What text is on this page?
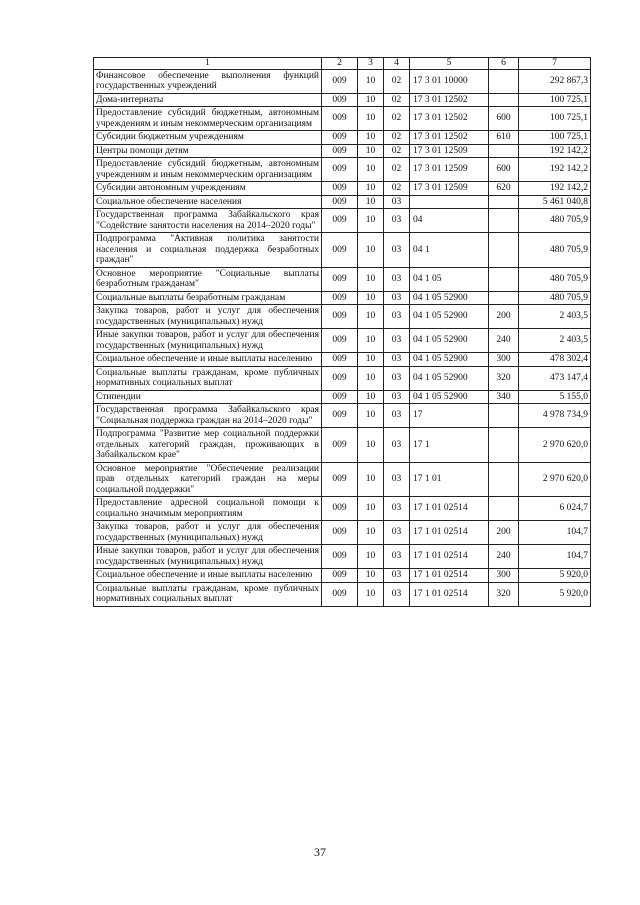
1	2	3	4	5	6	7
Финансовое обеспечение выполнения функций государственных учреждений	009	10	02	17 3 01 10000		292 867,3
Дома-интернаты	009	10	02	17 3 01 12502		100 725,1
Предоставление субсидий бюджетным, автономным учреждениям и иным некоммерческим организациям	009	10	02	17 3 01 12502	600	100 725,1
Субсидии бюджетным учреждениям	009	10	02	17 3 01 12502	610	100 725,1
Центры помощи детям	009	10	02	17 3 01 12509		192 142,2
Предоставление субсидий бюджетным, автономным учреждениям и иным некоммерческим организациям	009	10	02	17 3 01 12509	600	192 142,2
Субсидии автономным учреждениям	009	10	02	17 3 01 12509	620	192 142,2
Социальное обеспечение населения	009	10	03			5 461 040,8
Государственная программа Забайкальского края "Содействие занятости населения на 2014–2020 годы"	009	10	03	04		480 705,9
Подпрограмма "Активная политика занятости населения и социальная поддержка безработных граждан"	009	10	03	04 1		480 705,9
Основное мероприятие "Социальные выплаты безработным гражданам"	009	10	03	04 1 05		480 705,9
Социальные выплаты безработным гражданам	009	10	03	04 1 05 52900		480 705,9
Закупка товаров, работ и услуг для обеспечения государственных (муниципальных) нужд	009	10	03	04 1 05 52900	200	2 403,5
Иные закупки товаров, работ и услуг для обеспечения государственных (муниципальных) нужд	009	10	03	04 1 05 52900	240	2 403,5
Социальное обеспечение и иные выплаты населению	009	10	03	04 1 05 52900	300	478 302,4
Социальные выплаты гражданам, кроме публичных нормативных социальных выплат	009	10	03	04 1 05 52900	320	473 147,4
Стипендии	009	10	03	04 1 05 52900	340	5 155,0
Государственная программа Забайкальского края "Социальная поддержка граждан на 2014–2020 годы"	009	10	03	17		4 978 734,9
Подпрограмма "Развитие мер социальной поддержки отдельных категорий граждан, проживающих в Забайкальском крае"	009	10	03	17 1		2 970 620,0
Основное мероприятие "Обеспечение реализации прав отдельных категорий граждан на меры социальной поддержки"	009	10	03	17 1 01		2 970 620,0
Предоставление адресной социальной помощи к социально значимым мероприятиям	009	10	03	17 1 01 02514		6 024,7
Закупка товаров, работ и услуг для обеспечения государственных (муниципальных) нужд	009	10	03	17 1 01 02514	200	104,7
Иные закупки товаров, работ и услуг для обеспечения государственных (муниципальных) нужд	009	10	03	17 1 01 02514	240	104,7
Социальное обеспечение и иные выплаты населению	009	10	03	17 1 01 02514	300	5 920,0
Социальные выплаты гражданам, кроме публичных нормативных социальных выплат	009	10	03	17 1 01 02514	320	5 920,0
37
